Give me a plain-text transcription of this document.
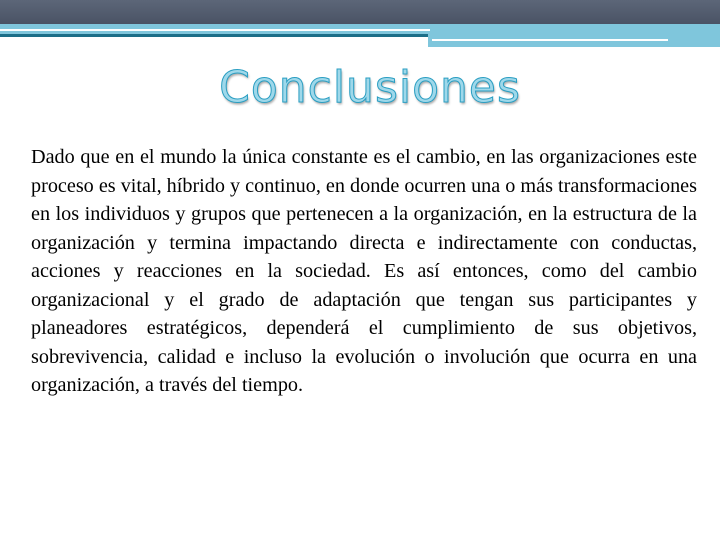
Conclusiones

Dado que en el mundo la única constante es el cambio, en las organizaciones este proceso es vital, híbrido y continuo, en donde ocurren una o más transformaciones en los individuos y grupos que pertenecen a la organización, en la estructura de la organización y termina impactando directa e indirectamente con conductas, acciones y reacciones en la sociedad. Es así entonces, como del cambio organizacional y el grado de adaptación que tengan sus participantes y planeadores estratégicos, dependerá el cumplimiento de sus objetivos, sobrevivencia, calidad e incluso la evolución o involución que ocurra en una organización, a través del tiempo.
